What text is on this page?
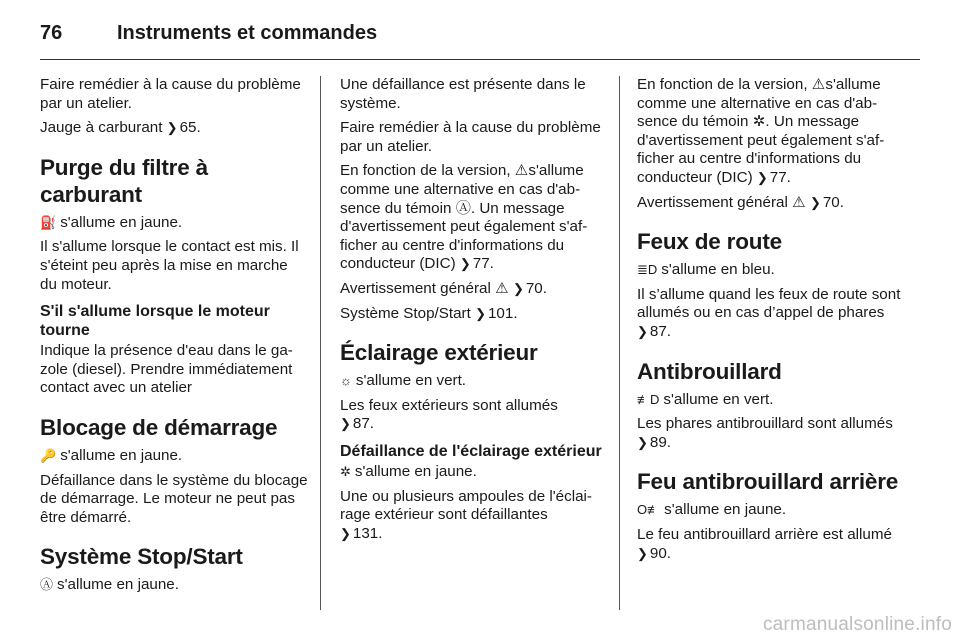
76	Instruments et commandes

Faire remédier à la cause du problème par un atelier.

Jauge à carburant ❯ 65.

Purge du filtre à carburant

⛽ s'allume en jaune.

Il s'allume lorsque le contact est mis. Il s'éteint peu après la mise en marche du moteur.

S'il s'allume lorsque le moteur tourne

Indique la présence d'eau dans le gazole (diesel). Prendre immédiatement contact avec un atelier

Blocage de démarrage

🔑 s'allume en jaune.

Défaillance dans le système du blocage de démarrage. Le moteur ne peut pas être démarré.

Système Stop/Start

Ⓐ s'allume en jaune.

Une défaillance est présente dans le système.

Faire remédier à la cause du problème par un atelier.

En fonction de la version, ⚠s'allume comme une alternative en cas d'absence du témoin Ⓐ. Un message d'avertissement peut également s'afficher au centre d'informations du conducteur (DIC) ❯ 77.

Avertissement général ⚠ ❯ 70.

Système Stop/Start ❯ 101.

Éclairage extérieur

☼ s'allume en vert.

Les feux extérieurs sont allumés
❯ 87.

Défaillance de l'éclairage extérieur

✲ s'allume en jaune.

Une ou plusieurs ampoules de l'éclairage extérieur sont défaillantes
❯ 131.

En fonction de la version, ⚠s'allume comme une alternative en cas d'absence du témoin ✲. Un message d'avertissement peut également s'afficher au centre d'informations du conducteur (DIC) ❯ 77.

Avertissement général ⚠ ❯ 70.

Feux de route

≣D s'allume en bleu.

Il s’allume quand les feux de route sont allumés ou en cas d’appel de phares ❯ 87.

Antibrouillard

≢D s'allume en vert.

Les phares antibrouillard sont allumés ❯ 89.

Feu antibrouillard arrière

O≢ s'allume en jaune.

Le feu antibrouillard arrière est allumé
❯ 90.

carmanualsonline.info
